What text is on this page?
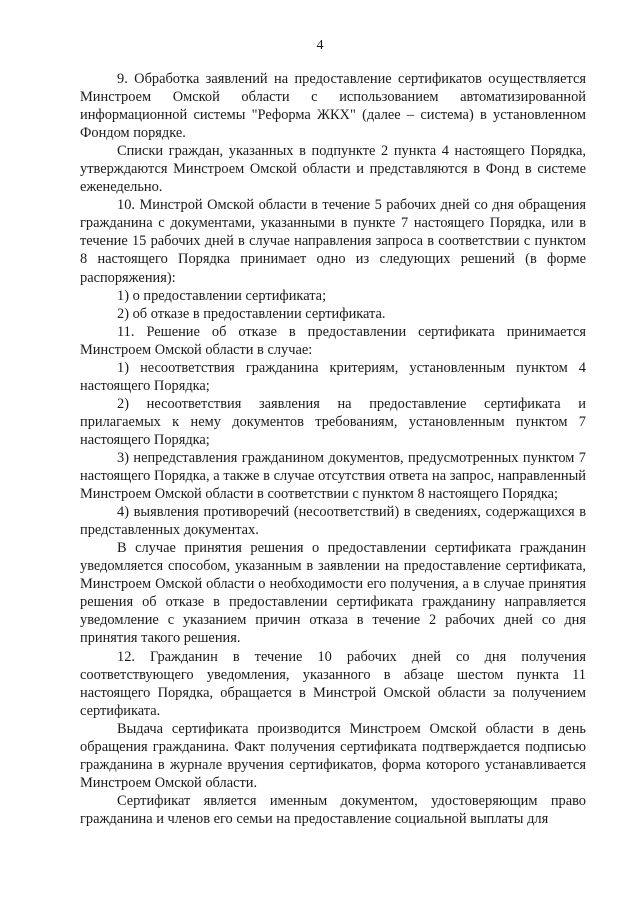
4

9. Обработка заявлений на предоставление сертификатов осуществляется Минстроем Омской области с использованием автоматизированной информационной системы "Реформа ЖКХ" (далее – система) в установленном Фондом порядке.

Списки граждан, указанных в подпункте 2 пункта 4 настоящего Порядка, утверждаются Минстроем Омской области и представляются в Фонд в системе еженедельно.

10. Минстрой Омской области в течение 5 рабочих дней со дня обращения гражданина с документами, указанными в пункте 7 настоящего Порядка, или в течение 15 рабочих дней в случае направления запроса в соответствии с пунктом 8 настоящего Порядка принимает одно из следующих решений (в форме распоряжения):

1) о предоставлении сертификата;

2) об отказе в предоставлении сертификата.

11. Решение об отказе в предоставлении сертификата принимается Минстроем Омской области в случае:

1) несоответствия гражданина критериям, установленным пунктом 4 настоящего Порядка;

2) несоответствия заявления на предоставление сертификата и прилагаемых к нему документов требованиям, установленным пунктом 7 настоящего Порядка;

3) непредставления гражданином документов, предусмотренных пунктом 7 настоящего Порядка, а также в случае отсутствия ответа на запрос, направленный Минстроем Омской области в соответствии с пунктом 8 настоящего Порядка;

4) выявления противоречий (несоответствий) в сведениях, содержащихся в представленных документах.

В случае принятия решения о предоставлении сертификата гражданин уведомляется способом, указанным в заявлении на предоставление сертификата, Минстроем Омской области о необходимости его получения, а в случае принятия решения об отказе в предоставлении сертификата гражданину направляется уведомление с указанием причин отказа в течение 2 рабочих дней со дня принятия такого решения.

12. Гражданин в течение 10 рабочих дней со дня получения соответствующего уведомления, указанного в абзаце шестом пункта 11 настоящего Порядка, обращается в Минстрой Омской области за получением сертификата.

Выдача сертификата производится Минстроем Омской области в день обращения гражданина. Факт получения сертификата подтверждается подписью гражданина в журнале вручения сертификатов, форма которого устанавливается Минстроем Омской области.

Сертификат является именным документом, удостоверяющим право гражданина и членов его семьи на предоставление социальной выплаты для
